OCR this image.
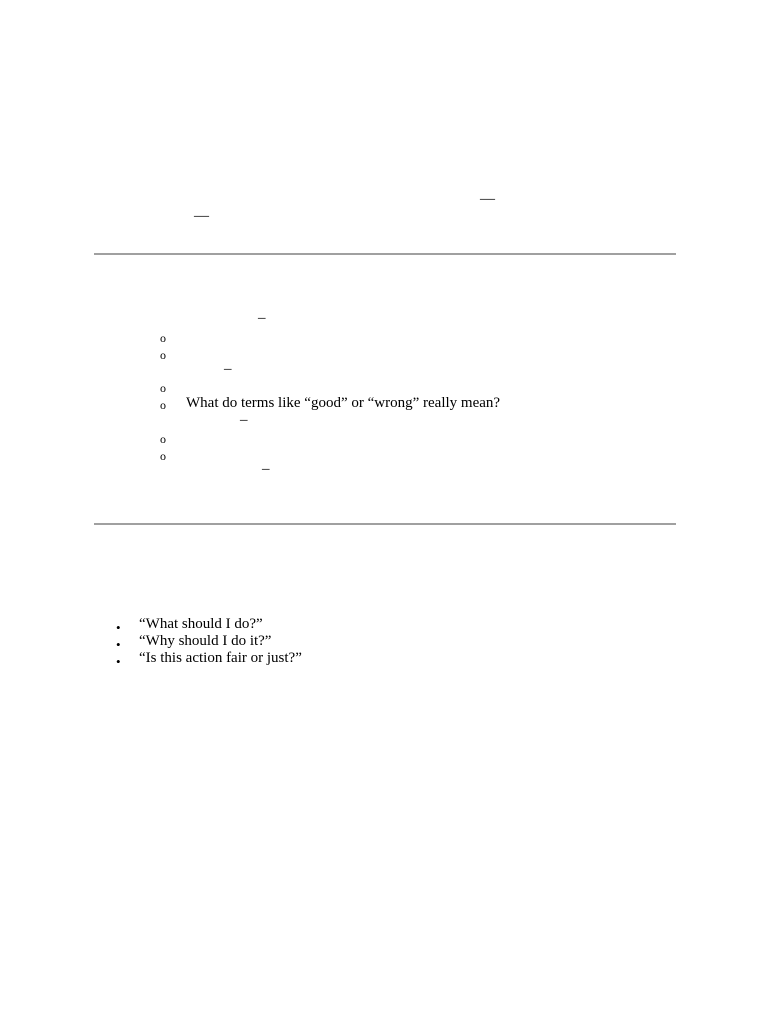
—
—
–
o
o
–
o
o What do terms like “good” or “wrong” really mean?
–
o
o
–
• “What should I do?”
• “Why should I do it?”
• “Is this action fair or just?”
